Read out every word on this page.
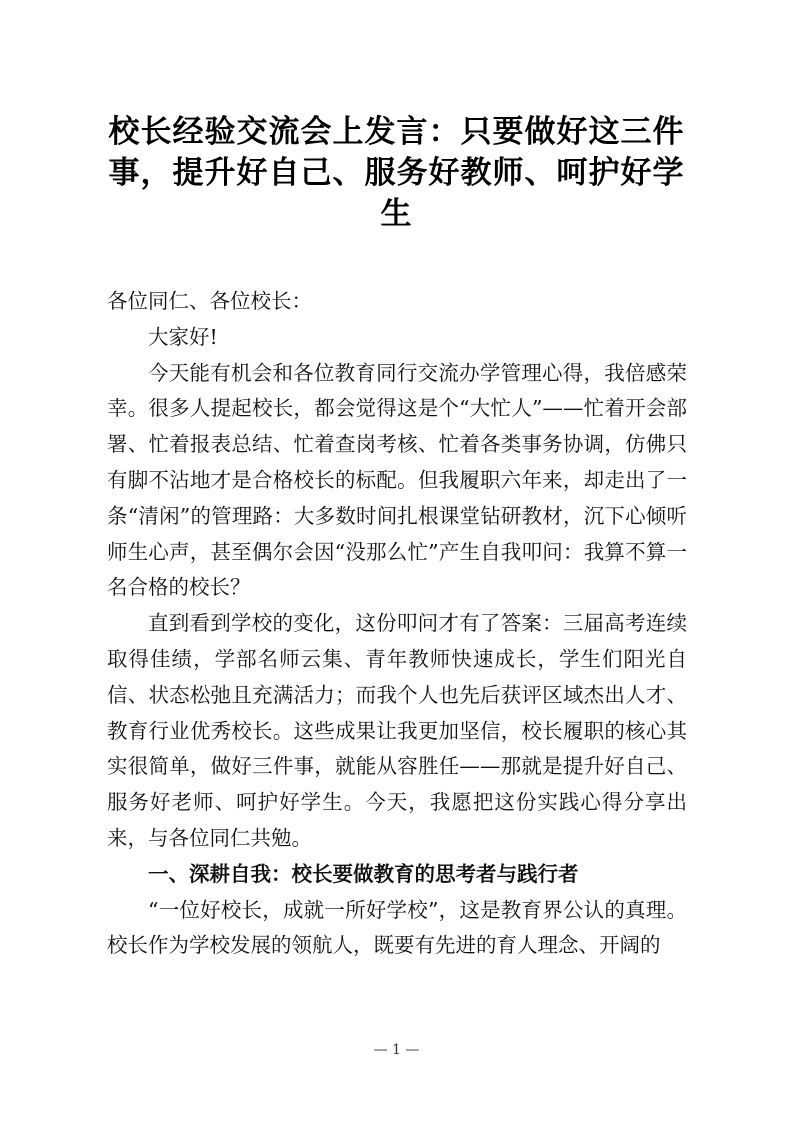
校长经验交流会上发言：只要做好这三件事，提升好自己、服务好教师、呵护好学生

各位同仁、各位校长：

大家好!

今天能有机会和各位教育同行交流办学管理心得，我倍感荣幸。很多人提起校长，都会觉得这是个“大忙人”——忙着开会部署、忙着报表总结、忙着查岗考核、忙着各类事务协调，仿佛只有脚不沾地才是合格校长的标配。但我履职六年来，却走出了一条“清闲”的管理路：大多数时间扎根课堂钻研教材，沉下心倾听师生心声，甚至偶尔会因“没那么忙”产生自我叩问：我算不算一名合格的校长？

直到看到学校的变化，这份叩问才有了答案：三届高考连续取得佳绩，学部名师云集、青年教师快速成长，学生们阳光自信、状态松弛且充满活力；而我个人也先后获评区域杰出人才、教育行业优秀校长。这些成果让我更加坚信，校长履职的核心其实很简单，做好三件事，就能从容胜任——那就是提升好自己、服务好老师、呵护好学生。今天，我愿把这份实践心得分享出来，与各位同仁共勉。

一、深耕自我：校长要做教育的思考者与践行者

“一位好校长，成就一所好学校”，这是教育界公认的真理。校长作为学校发展的领航人，既要有先进的育人理念、开阔的

— 1 —
